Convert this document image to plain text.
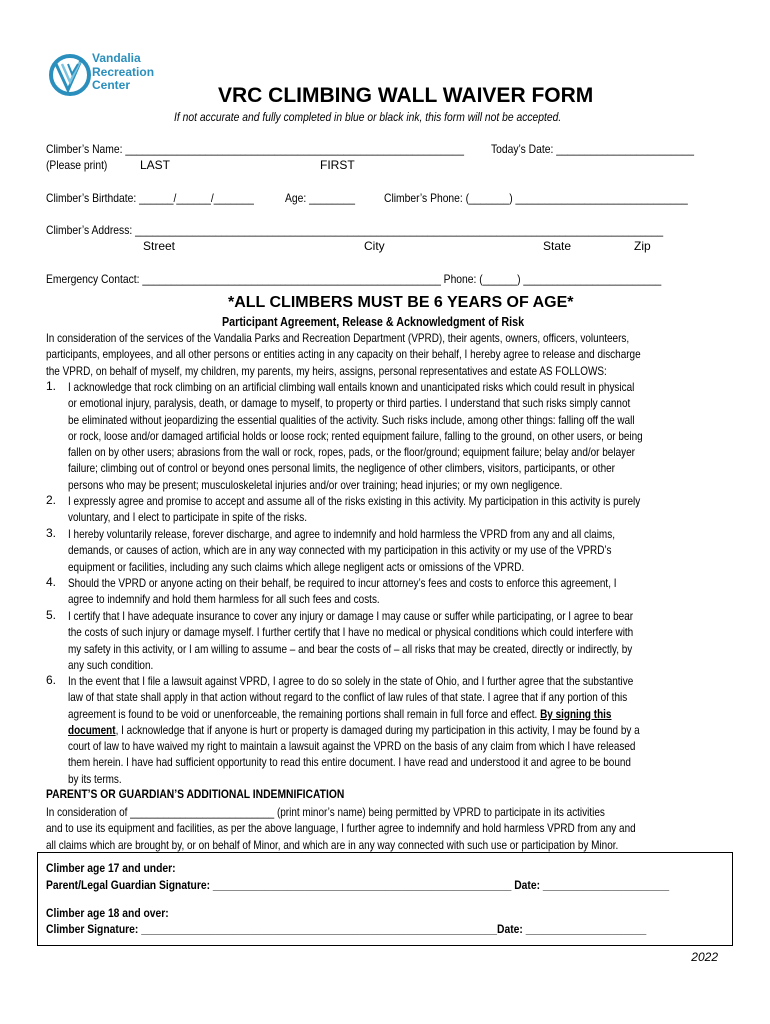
Vandalia
Recreation
Center	VRC CLIMBING WALL WAIVER FORM
If not accurate and fully completed in blue or black ink, this form will not be accepted.
Climber’s Name: ___________________________________________________________	Today’s Date: ________________________
(Please print)	LAST	FIRST
Climber’s Birthdate: ______/______/_______	Age: ________	Climber’s Phone: (_______) ______________________________
Climber’s Address: ____________________________________________________________________________________________
Street	City	State	Zip
Emergency Contact: ____________________________________________________ Phone: (______) ________________________
*ALL CLIMBERS MUST BE 6 YEARS OF AGE*
Participant Agreement, Release & Acknowledgment of Risk
In consideration of the services of the Vandalia Parks and Recreation Department (VPRD), their agents, owners, officers, volunteers,
participants, employees, and all other persons or entities acting in any capacity on their behalf, I hereby agree to release and discharge
the VPRD, on behalf of myself, my children, my parents, my heirs, assigns, personal representatives and estate AS FOLLOWS:
1. I acknowledge that rock climbing on an artificial climbing wall entails known and unanticipated risks which could result in physical
or emotional injury, paralysis, death, or damage to myself, to property or third parties. I understand that such risks simply cannot
be eliminated without jeopardizing the essential qualities of the activity. Such risks include, among other things: falling off the wall
or rock, loose and/or damaged artificial holds or loose rock; rented equipment failure, falling to the ground, on other users, or being
fallen on by other users; abrasions from the wall or rock, ropes, pads, or the floor/ground; equipment failure; belay and/or belayer
failure; climbing out of control or beyond ones personal limits, the negligence of other climbers, visitors, participants, or other
persons who may be present; musculoskeletal injuries and/or over training; head injuries; or my own negligence.
2. I expressly agree and promise to accept and assume all of the risks existing in this activity. My participation in this activity is purely
voluntary, and I elect to participate in spite of the risks.
3. I hereby voluntarily release, forever discharge, and agree to indemnify and hold harmless the VPRD from any and all claims,
demands, or causes of action, which are in any way connected with my participation in this activity or my use of the VPRD’s
equipment or facilities, including any such claims which allege negligent acts or omissions of the VPRD.
4. Should the VPRD or anyone acting on their behalf, be required to incur attorney’s fees and costs to enforce this agreement, I
agree to indemnify and hold them harmless for all such fees and costs.
5. I certify that I have adequate insurance to cover any injury or damage I may cause or suffer while participating, or I agree to bear
the costs of such injury or damage myself. I further certify that I have no medical or physical conditions which could interfere with
my safety in this activity, or I am willing to assume – and bear the costs of – all risks that may be created, directly or indirectly, by
any such condition.
6. In the event that I file a lawsuit against VPRD, I agree to do so solely in the state of Ohio, and I further agree that the substantive
law of that state shall apply in that action without regard to the conflict of law rules of that state. I agree that if any portion of this
agreement is found to be void or unenforceable, the remaining portions shall remain in full force and effect. By signing this
document, I acknowledge that if anyone is hurt or property is damaged during my participation in this activity, I may be found by a
court of law to have waived my right to maintain a lawsuit against the VPRD on the basis of any claim from which I have released
them herein. I have had sufficient opportunity to read this entire document. I have read and understood it and agree to be bound
by its terms.
PARENT’S OR GUARDIAN’S ADDITIONAL INDEMNIFICATION
In consideration of __________________________ (print minor’s name) being permitted by VPRD to participate in its activities
and to use its equipment and facilities, as per the above language, I further agree to indemnify and hold harmless VPRD from any and
all claims which are brought by, or on behalf of Minor, and which are in any way connected with such use or participation by Minor.
Climber age 17 and under:
Parent/Legal Guardian Signature: ____________________________________________________ Date: ______________________
Climber age 18 and over:
Climber Signature: ______________________________________________________________Date: _____________________
2022
